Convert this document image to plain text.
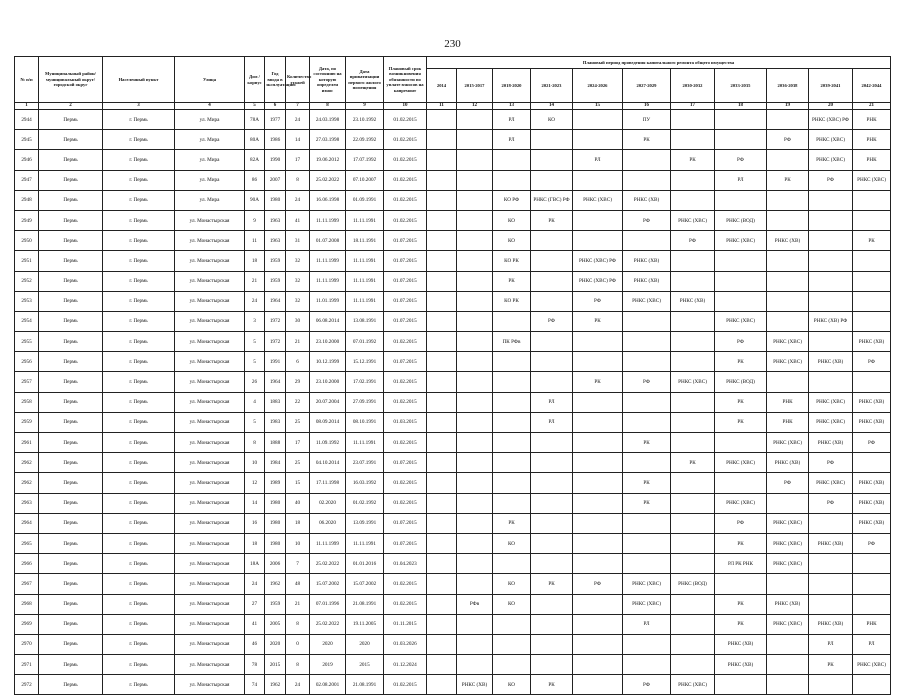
230
№ п/п	Муниципальный район/ муниципальный округ/городской округ	Населенный пункт	Улица	Дом / корпус	Год ввода в эксплуатацию	Количество этажей	Дата, по состоянию на которую определен износ	Дата приватизации первого жилого помещения	Плановый срок возникновения обязанности по уплате взносов на капремонт	Плановый период проведения капитального ремонта общего имущества										
										2014	2015-2017	2018-2020	2021-2023	2024-2026	2027-2029	2030-2032	2033-2035	2036-2038	2039-2041	2042-2044
1	2	3	4	5	6	7	8	9	10	11	12	13	14	15	16	17	18	19	20	21
2944	Пермь	г. Пермь	ул. Мира	78А	1977	24	24.03.1998	23.10.1992	01.02.2015			РЛ	КО		ПУ				РНКС (ХВС) РФ	РНК
2945	Пермь	г. Пермь	ул. Мира	80А	1986	14	27.03.1998	22.09.1992	01.02.2015			РЛ			РК			РФ	РНКС (ХВС)	РНК
2946	Пермь	г. Пермь	ул. Мира	82А	1990	17	19.06.2012	17.07.1992	01.02.2015					РЛ		РК	РФ		РНКС (ХВС)	РНК
2947	Пермь	г. Пермь	ул. Мира	86	2007	8	25.02.2022	07.10.2007	01.02.2015								РЛ	РК	РФ	РНКС (ХВС)
2948	Пермь	г. Пермь	ул. Мира	90А	1980	24	16.06.1998	01.09.1991	01.02.2015			КО РФ	РНКС (ГВС) РФ	РНКС (ХВС)	РНКС (ХВ)					
2949	Пермь	г. Пермь	ул. Монастырская	9	1963	41	11.11.1999	11.11.1991	01.02.2015			КО	РК		РФ	РНКС (ХВС)	РНКС (ВОД)			
2950	Пермь	г. Пермь	ул. Монастырская	11	1963	31	01.07.2008	18.11.1991	01.07.2015			КО				РФ	РНКС (ХВС)	РНКС (ХВ)		РК
2951	Пермь	г. Пермь	ул. Монастырская	18	1959	32	11.11.1999	11.11.1991	01.07.2015			КО РК		РНКС (ХВС) РФ	РНКС (ХВ)					
2952	Пермь	г. Пермь	ул. Монастырская	21	1959	32	11.11.1999	11.11.1991	01.07.2015			РК		РНКС (ХВС) РФ	РНКС (ХВ)					
2953	Пермь	г. Пермь	ул. Монастырская	24	1964	32	11.01.1999	11.11.1991	01.07.2015			КО РК		РФ	РНКС (ХВС)	РНКС (ХВ)				
2954	Пермь	г. Пермь	ул. Монастырская	3	1972	30	06.08.2014	13.08.1991	01.07.2015				РФ	РК			РНКС (ХВС)		РНКС (ХВ) РФ	
2955	Пермь	г. Пермь	ул. Монастырская	5	1972	21	23.10.2000	07.01.1992	01.02.2015			ПК РФв					РФ	РНКС (ХВС)		РНКС (ХВ)
2956	Пермь	г. Пермь	ул. Монастырская	5	1991	6	10.12.1999	15.12.1991	01.07.2015								РК	РНКС (ХВС)	РНКС (ХВ)	РФ
2957	Пермь	г. Пермь	ул. Монастырская	26	1964	29	23.10.2000	17.02.1991	01.02.2015					РК	РФ	РНКС (ХВС)	РНКС (ВОД)			
2958	Пермь	г. Пермь	ул. Монастырская	4	1883	22	20.07.2004	27.09.1991	01.02.2015				РЛ				РК	РНК	РНКС (ХВС)	РНКС (ХВ)
2959	Пермь	г. Пермь	ул. Монастырская	5	1983	25	08.09.2014	08.10.1991	01.03.2015				РЛ				РК	РНК	РНКС (ХВС)	РНКС (ХВ)
2961	Пермь	г. Пермь	ул. Монастырская	8	1888	17	11.09.1992	11.11.1991	01.02.2015						РК			РНКС (ХВС)	РНКС (ХВ)	РФ
2962	Пермь	г. Пермь	ул. Монастырская	10	1984	25	04.10.2014	23.07.1991	01.07.2015							РК	РНКС (ХВС)	РНКС (ХВ)	РФ	
2962	Пермь	г. Пермь	ул. Монастырская	12	1989	15	17.11.1998	16.03.1992	01.02.2015						РК			РФ	РНКС (ХВС)	РНКС (ХВ)
2963	Пермь	г. Пермь	ул. Монастырская	14	1980	40	02.2020	01.02.1992	01.02.2015						РК		РНКС (ХВС)		РФ	РНКС (ХВ)
2964	Пермь	г. Пермь	ул. Монастырская	16	1980	18	06.2020	13.09.1991	01.07.2015			РК					РФ	РНКС (ХВС)		РНКС (ХВ)
2965	Пермь	г. Пермь	ул. Монастырская	18	1980	10	11.11.1999	11.11.1991	01.07.2015			КО					РК	РНКС (ХВС)	РНКС (ХВ)	РФ
2966	Пермь	г. Пермь	ул. Монастырская	18А	2006	7	25.02.2022	01.01.2016	01.04.2023								РЛ РК РНК	РНКС (ХВС)		
2967	Пермь	г. Пермь	ул. Монастырская	24	1962	48	15.07.2002	15.07.2002	01.02.2015			КО	РК	РФ	РНКС (ХВС)	РНКС (ВОД)				
2968	Пермь	г. Пермь	ул. Монастырская	27	1959	21	07.01.1996	21.08.1991	01.02.2015		РФв	КО			РНКС (ХВС)		РК	РНКС (ХВ)		
2969	Пермь	г. Пермь	ул. Монастырская	41	2005	8	25.02.2022	19.11.2005	01.11.2015						РЛ		РК	РНКС (ХВС)	РНКС (ХВ)	РНК
2970	Пермь	г. Пермь	ул. Монастырская	46	2020	0	2020	2020	01.03.2026								РНКС (ХВ)		РЛ	РЛ
2971	Пермь	г. Пермь	ул. Монастырская	78	2015	8	2019	2015	01.12.2024								РНКС (ХВ)		РК	РНКС (ХВС)
2972	Пермь	г. Пермь	ул. Монастырская	74	1962	24	02.08.2001	21.08.1991	01.02.2015		РНКС (ХВ)	КО	РК		РФ	РНКС (ХВС)				
